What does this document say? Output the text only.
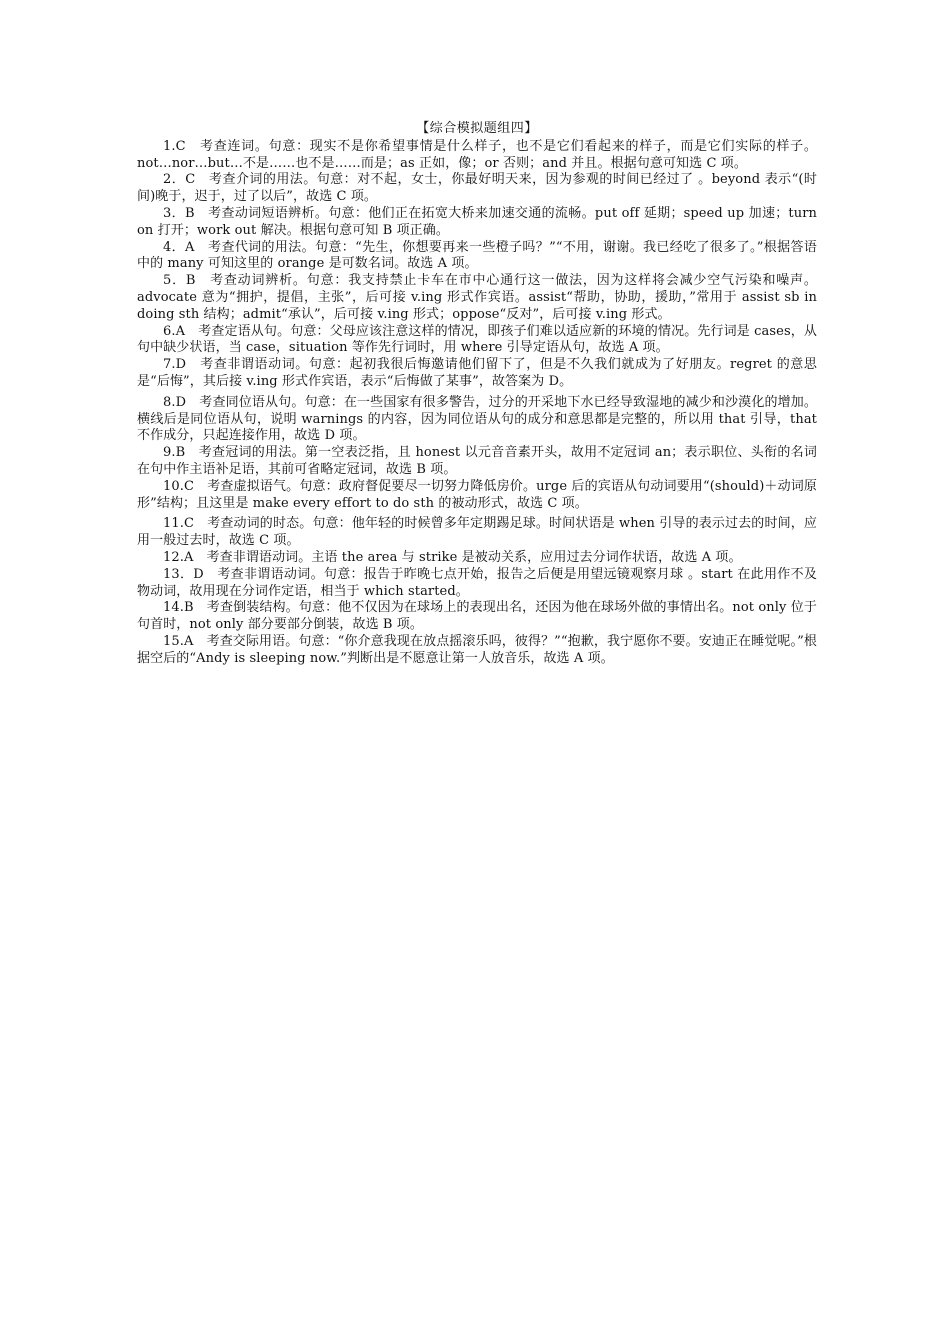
【综合模拟题组四】

1.C　考查连词。句意：现实不是你希望事情是什么样子，也不是它们看起来的样子，而是它们实际的样子。not…nor…but…不是……也不是……而是；as 正如，像；or 否则；and 并且。根据句意可知选 C 项。

2．C　考查介词的用法。句意：对不起，女士，你最好明天来，因为参观的时间已经过了 。beyond 表示“(时间)晚于，迟于，过了以后”，故选 C 项。

3．B　考查动词短语辨析。句意：他们正在拓宽大桥来加速交通的流畅。put off 延期；speed up 加速；turn on 打开；work out 解决。根据句意可知 B 项正确。

4．A　考查代词的用法。句意：“先生，你想要再来一些橙子吗？”“不用，谢谢。我已经吃了很多了。”根据答语中的 many 可知这里的 orange 是可数名词。故选 A 项。

5．B　考查动词辨析。句意：我支持禁止卡车在市中心通行这一做法，因为这样将会减少空气污染和噪声。advocate 意为“拥护，提倡，主张”，后可接 v.ing 形式作宾语。assist“帮助，协助，援助，”常用于 assist sb in doing sth 结构；admit“承认”，后可接 v.ing 形式；oppose“反对”，后可接 v.ing 形式。

6.A　考查定语从句。句意：父母应该注意这样的情况，即孩子们难以适应新的环境的情况。先行词是 cases，从句中缺少状语，当 case，situation 等作先行词时，用 where 引导定语从句，故选 A 项。

7.D　考查非谓语动词。句意：起初我很后悔邀请他们留下了，但是不久我们就成为了好朋友。regret 的意思是“后悔”，其后接 v.ing 形式作宾语，表示“后悔做了某事”，故答案为 D。

8.D　考查同位语从句。句意：在一些国家有很多警告，过分的开采地下水已经导致湿地的减少和沙漠化的增加。横线后是同位语从句，说明 warnings 的内容，因为同位语从句的成分和意思都是完整的，所以用 that 引导，that 不作成分，只起连接作用，故选 D 项。

9.B　考查冠词的用法。第一空表泛指，且 honest 以元音音素开头，故用不定冠词 an；表示职位、头衔的名词在句中作主语补足语，其前可省略定冠词，故选 B 项。

10.C　考查虚拟语气。句意：政府督促要尽一切努力降低房价。urge 后的宾语从句动词要用“(should)＋动词原形”结构；且这里是 make every effort to do sth 的被动形式，故选 C 项。

11.C　考查动词的时态。句意：他年轻的时候曾多年定期踢足球。时间状语是 when 引导的表示过去的时间，应用一般过去时，故选 C 项。

12.A　考查非谓语动词。主语 the area 与 strike 是被动关系，应用过去分词作状语，故选 A 项。

13．D　考查非谓语动词。句意：报告于昨晚七点开始，报告之后便是用望远镜观察月球 。start 在此用作不及物动词，故用现在分词作定语，相当于 which started。

14.B　考查倒装结构。句意：他不仅因为在球场上的表现出名，还因为他在球场外做的事情出名。not only 位于句首时，not only 部分要部分倒装，故选 B 项。

15.A　考查交际用语。句意：“你介意我现在放点摇滚乐吗，彼得？”“抱歉，我宁愿你不要。安迪正在睡觉呢。”根据空后的“Andy is sleeping now.”判断出是不愿意让第一人放音乐，故选 A 项。
